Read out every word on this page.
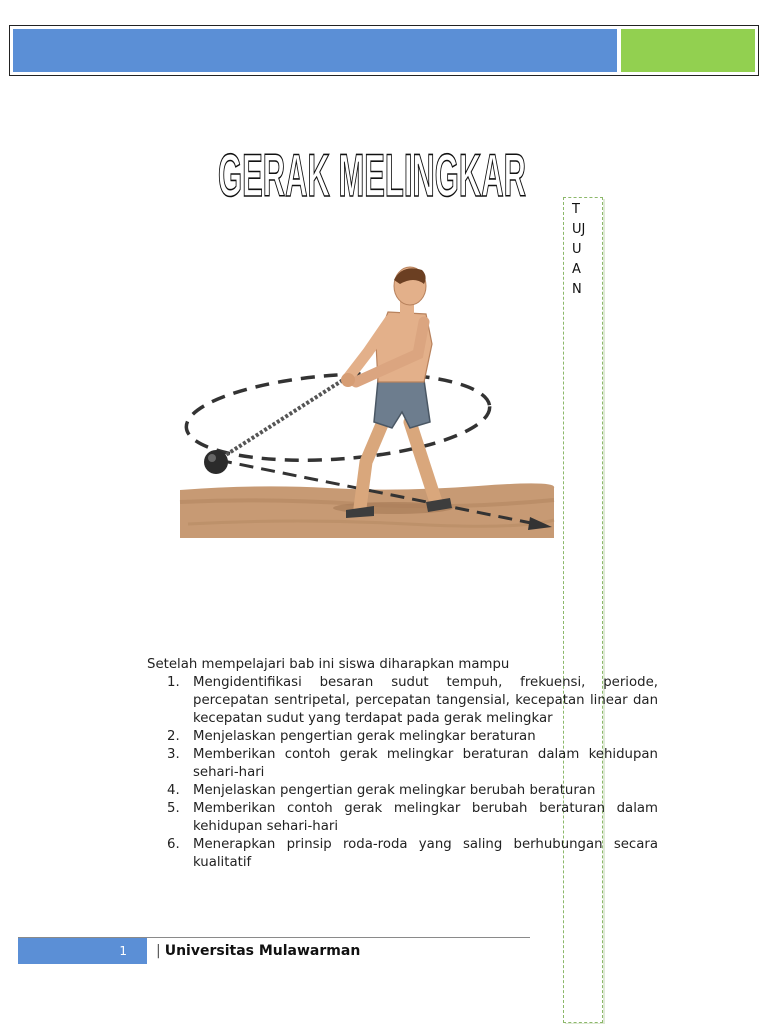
GERAK MELINGKAR
T
UJ
U
A
N
Setelah mempelajari bab ini siswa diharapkan mampu
1. Mengidentifikasi besaran sudut tempuh, frekuensi, periode, percepatan sentripetal, percepatan tangensial, kecepatan linear dan kecepatan sudut yang terdapat pada gerak melingkar
2. Menjelaskan pengertian gerak melingkar beraturan
3. Memberikan contoh gerak melingkar beraturan dalam kehidupan sehari-hari
4. Menjelaskan pengertian gerak melingkar berubah beraturan
5. Memberikan contoh gerak melingkar berubah beraturan dalam kehidupan sehari-hari
6. Menerapkan prinsip roda-roda yang saling berhubungan secara kualitatif
1	| Universitas Mulawarman
